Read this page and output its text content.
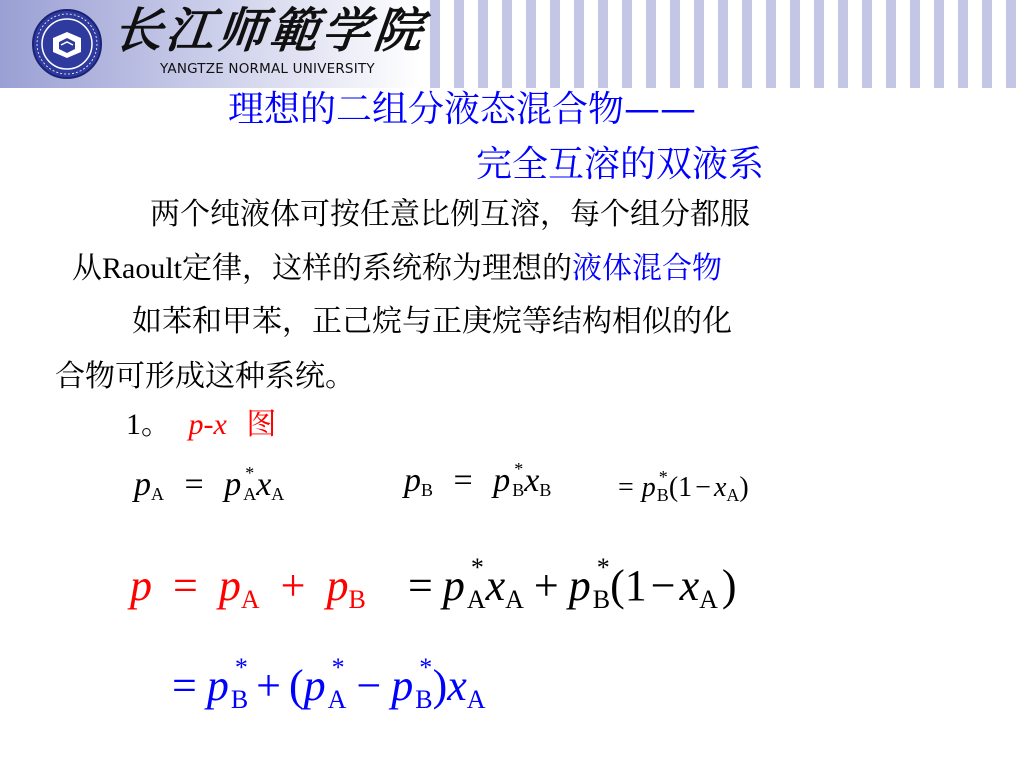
长江师範学院
YANGTZE NORMAL UNIVERSITY
理想的二组分液态混合物——
完全互溶的双液系
两个纯液体可按任意比例互溶，每个组分都服
从Raoult定律，这样的系统称为理想的液体混合物
如苯和甲苯，正己烷与正庚烷等结构相似的化
合物可形成这种系统。
1。 p-x 图
pA = p *AxA	pB = p *BxB = p *B(1 − xA)
p = pA + pB = p *AxA + p *B(1−xA)
= p *B + (p *A − p *B)xA
